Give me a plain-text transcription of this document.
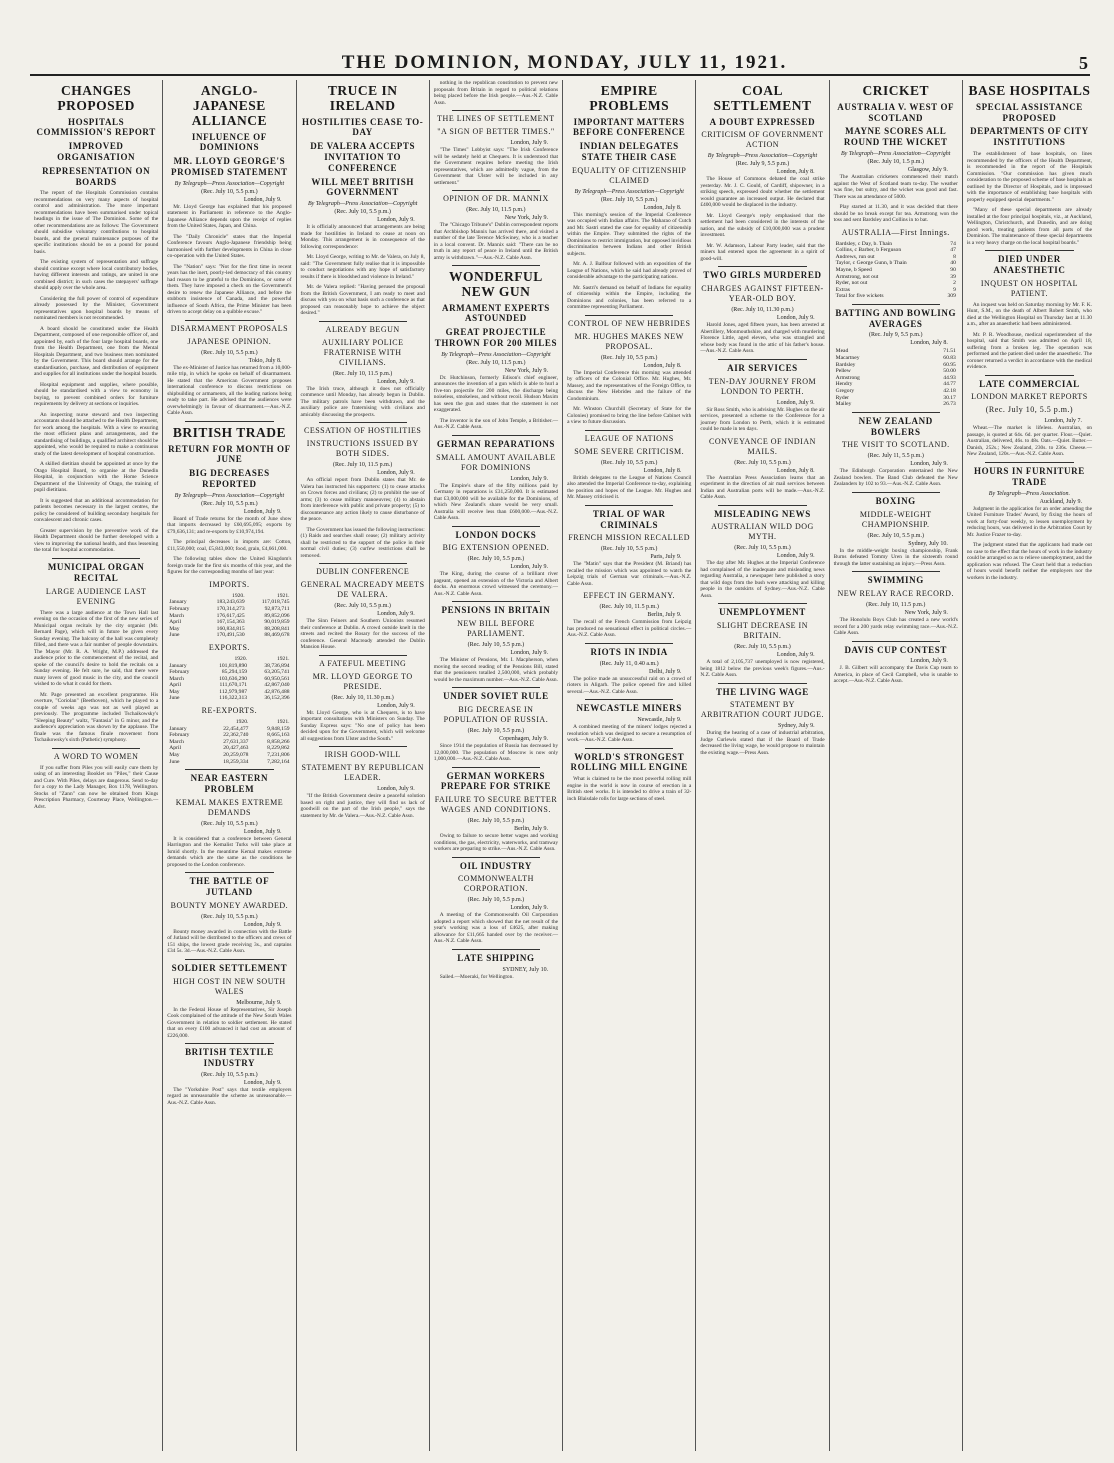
THE DOMINION, MONDAY, JULY 11, 1921.	5
CHANGES PROPOSED
HOSPITALS COMMISSION'S REPORT
IMPROVED ORGANISATION
REPRESENTATION ON BOARDS
The report of the Hospitals Commission contains recommendations on very many aspects of hospital control and administration. The more important recommendations have been summarised under topical headings in the issue of The Dominion. Some of the other recommendations are as follows: The Government should subsidise voluntary contributions to hospital boards, and the general maintenance purposes of the specific institutions should be on a pound for pound basis.
The existing system of representation and suffrage should continue except where local contributory bodies, having different interests and ratings, are united in one combined district; in such cases the ratepayers' suffrage should apply over the whole area.
Considering the full power of control of expenditure already possessed by the Minister, Government representatives upon hospital boards by means of nominated members is not recommended.
A board should be constituted under the Health Department, composed of one responsible officer of, and appointed by, each of the four large hospital boards, one from the Health Department, one from the Mental Hospitals Department, and two business men nominated by the Government. This board should arrange for the standardisation, purchase, and distribution of equipment and supplies for all institutions under the hospital boards.
Hospital equipment and supplies, where possible, should be standardised with a view to economy in buying, to prevent combined orders for furniture requirements by delivery at sections or inquiries.
An inspecting nurse steward and two inspecting accountants should be attached to the Health Department, for work among the hospitals. With a view to ensuring the most efficient plans and arrangements, and the standardising of buildings, a qualified architect should be appointed, who would be required to make a continuous study of the latest development of hospital construction.
A skilled dietitian should be appointed at once by the Otago Hospital Board, to organise at the Dunedin Hospital, in conjunction with the Home Science Department of the University of Otago, the training of pupil dietitians.
It is suggested that an additional accommodation for patients becomes necessary in the largest centres, the policy be considered of building secondary hospitals for convalescent and chronic cases.
Greater supervision by the preventive work of the Health Department should be further developed with a view to improving the national health, and thus lessening the total for hospital accommodation.
MUNICIPAL ORGAN RECITAL
LARGE AUDIENCE LAST EVENING
There was a large audience at the Town Hall last evening on the occasion of the first of the new series of Municipal organ recitals by the city organist (Mr. Bernard Page), which will in future be given every Sunday evening. The balcony of the hall was completely filled, and there was a fair number of people downstairs. The Mayor (Mr. R. A. Wright, M.P.) addressed the audience prior to the commencement of the recital, and spoke of the council's desire to hold the recitals on a Sunday evening. He felt sure, he said, that there were many lovers of good music in the city, and the council wished to do what it could for them.
Mr. Page presented an excellent programme. His overture, "Coriolan" (Beethoven), which he played to a couple of weeks ago was not as well played as previously. The programme included Tschaikowsky's "Sleeping Beauty" waltz, "Fantasia" in G minor, and the audience's appreciation was shown by the applause. The finale was the famous finale movement from Tschaikowsky's sixth (Pathetic) symphony.
A WORD TO WOMEN
If you suffer from Piles you will easily cure them by using of an interesting Booklet on "Piles," their Cause and Cure. With Piles, delays are dangerous. Send to-day for a copy to the Lady Manager, Box 1178, Wellington. Stocks of "Zann" can now be obtained from Kings Prescription Pharmacy, Courtenay Place, Wellington.—Advt.
ANGLO-JAPANESE ALLIANCE
INFLUENCE OF DOMINIONS
MR. LLOYD GEORGE'S PROMISED STATEMENT
By Telegraph—Press Association—Copyright
(Rec. July 10, 5.5 p.m.)
London, July 9.
Mr. Lloyd George has explained that his proposed statement in Parliament in reference to the Anglo-Japanese Alliance depends upon the receipt of replies from the United States, Japan, and China.
The "Daily Chronicle" states that the Imperial Conference favours Anglo-Japanese friendship being harmonised with further developments in China in close co-operation with the United States.
The "Nation" says: "Not for the first time in recent years has the inert, poorly-led democracy of this country had reason to be grateful to the Dominions, or some of them. They have imposed a check on the Government's desire to renew the Japanese Alliance, and before the stubborn insistence of Canada, and the powerful influence of South Africa, the Prime Minister has been driven to accept delay on a quibble excuse."
DISARMAMENT PROPOSALS
JAPANESE OPINION.
(Rec. July 10, 5.5 p.m.)
Tokio, July 8.
The ex-Minister of Justice has returned from a 10,000-mile trip, in which he spoke on behalf of disarmament. He stated that the American Government proposes international conference to discuss restrictions on shipbuilding or armaments, all the leading nations being ready to take part. He advised that the audiences were overwhelmingly in favour of disarmament.—Aus.-N.Z. Cable Assn.
BRITISH TRADE
RETURN FOR MONTH OF JUNE
BIG DECREASES REPORTED
By Telegraph—Press Association—Copyright
(Rec. July 10, 5.5 p.m.)
London, July 9.
Board of Trade returns for the month of June show that imports decreased by £60,695,095; exports by £79,636,131; and re-exports by £10,974,194.
The principal decreases in imports are: Cotton, £11,550,000; coal, £5,843,000; food, grain, £4,661,000.
The following tables show the United Kingdom's foreign trade for the first six months of this year, and the figures for the corresponding months of last year:
IMPORTS.
	1920.	1921.
January	183,243,639	117,018,745
February	170,314,273	92,873,711
March	176,617,425	89,852,096
April	167,154,363	90,019,859
May	160,834,815	88,208,841
June	170,491,530	88,469,678
EXPORTS.
	1920.	1921.
January	101,819,890	38,736,894
February	85,294,159	63,205,741
March	103,636,290	60,950,561
April	111,670,171	42,867,040
May	112,979,987	42,876,488
June	116,322,313	36,152,396
RE-EXPORTS.
	1920.	1921.
January	22,454,477	9,848,159
February	22,362,740	8,665,163
March	27,631,337	8,858,266
April	20,427,463	8,229,862
May	20,259,078	7,231,806
June	18,259,334	7,282,164
NEAR EASTERN PROBLEM
KEMAL MAKES EXTREME DEMANDS
(Rec. July 10, 5.5 p.m.)
London, July 9.
It is considered that a conference between General Harrington and the Kemalist Turks will take place at Ismid shortly. In the meantime Kemal makes extreme demands which are the same as the conditions he proposed to the London conference.
THE BATTLE OF JUTLAND
BOUNTY MONEY AWARDED.
(Rec. July 10, 5.5 p.m.)
London, July 9.
Bounty money awarded in connection with the Battle of Jutland will be distributed to the officers and crews of 151 ships, the lowest grade receiving 3s., and captains £34 5s. 3d.—Aus.-N.Z. Cable Assn.
SOLDIER SETTLEMENT
HIGH COST IN NEW SOUTH WALES
Melbourne, July 9.
In the Federal House of Representatives, Sir Joseph Cook complained of the attitude of the New South Wales Government in relation to soldier settlement. He stated that on every £100 advanced it had cost an amount of £226,000.
BRITISH TEXTILE INDUSTRY
(Rec. July 10, 5.5 p.m.)
London, July 9.
The "Yorkshire Post" says that textile employers regard as unreasonable the scheme as unreasonable.—Aus.-N.Z. Cable Assn.
TRUCE IN IRELAND
HOSTILITIES CEASE TO-DAY
DE VALERA ACCEPTS INVITATION TO CONFERENCE
WILL MEET BRITISH GOVERNMENT
By Telegraph—Press Association—Copyright
(Rec. July 10, 5.5 p.m.)
London, July 9.
It is officially announced that arrangements are being made for hostilities in Ireland to cease at noon on Monday. This arrangement is in consequence of the following correspondence:
Mr. Lloyd George, writing to Mr. de Valera, on July 8, said: "The Government fully realise that it is impossible to conduct negotiations with any hope of satisfactory results if there is bloodshed and violence in Ireland."
Mr. de Valera replied: "Having perused the proposal from the British Government, I am ready to meet and discuss with you on what basis such a conference as that proposed can reasonably hope to achieve the object desired."
ALREADY BEGUN
AUXILIARY POLICE FRATERNISE WITH CIVILIANS.
(Rec. July 10, 11.5 p.m.)
London, July 9.
The Irish truce, although it does not officially commence until Monday, has already begun in Dublin. The military patrols have been withdrawn, and the auxiliary police are fraternising with civilians and amicably discussing the prospects.
CESSATION OF HOSTILITIES
INSTRUCTIONS ISSUED BY BOTH SIDES.
(Rec. July 10, 11.5 p.m.)
London, July 9.
An official report from Dublin states that Mr. de Valera has instructed his supporters: (1) to cease attacks on Crown forces and civilians; (2) to prohibit the use of arms; (3) to cease military manoeuvres; (4) to abstain from interference with public and private property; (5) to discountenance any action likely to cause disturbance of the peace.
The Government has issued the following instructions: (1) Raids and searches shall cease; (2) military activity shall be restricted to the support of the police in their normal civil duties; (3) curfew restrictions shall be removed.
DUBLIN CONFERENCE
GENERAL MACREADY MEETS DE VALERA.
(Rec. July 10, 5.5 p.m.)
London, July 9.
The Sinn Feiners and Southern Unionists resumed their conference at Dublin. A crowd outside knelt in the streets and recited the Rosary for the success of the conference. General Macready attended the Dublin Mansion House.
A FATEFUL MEETING
MR. LLOYD GEORGE TO PRESIDE.
(Rec. July 10, 11.30 p.m.)
London, July 9.
Mr. Lloyd George, who is at Chequers, is to have important consultations with Ministers on Sunday. The Sunday Express says: "No one of policy has been decided upon for the Government, which will welcome all suggestions from Ulster and the South."
IRISH GOOD-WILL
STATEMENT BY REPUBLICAN LEADER.
London, July 9.
"If the British Government desire a peaceful solution based on right and justice, they will find us lack of goodwill on the part of the Irish people," says the statement by Mr. de Valera.—Aus.-N.Z. Cable Assn.
nothing in the republican constitution to prevent new proposals from Britain in regard to political relations being placed before the Irish people.—Aus.-N.Z. Cable Assn.
THE LINES OF SETTLEMENT
"A SIGN OF BETTER TIMES."
London, July 9.
"The Times" Lobbyist says: "The Irish Conference will be sedately held at Chequers. It is understood that the Government requires before meeting the Irish representatives, which are admittedly vague, from the Government that Ulster will be included in any settlement."
OPINION OF DR. MANNIX
(Rec. July 10, 11.5 p.m.)
New York, July 9.
The "Chicago Tribune's" Dublin correspondent reports that Archbishop Mannix has arrived there, and visited a number of the late Terence McSwiney, who is a teacher in a local convent. Dr. Mannix said: "There can be no truth in any report of peace in Ireland until the British army is withdrawn."—Aus.-N.Z. Cable Assn.
WONDERFUL NEW GUN
ARMAMENT EXPERTS ASTOUNDED
GREAT PROJECTILE THROWN FOR 200 MILES
By Telegraph—Press Association—Copyright
(Rec. July 10, 11.5 p.m.)
New York, July 9.
Dr. Hutchinson, formerly Edison's chief engineer, announces the invention of a gun which is able to hurl a five-ton projectile for 200 miles, the discharge being noiseless, smokeless, and without recoil. Hudson Maxim has seen the gun and states that the statement is not exaggerated.
The inventor is the son of John Temple, a Britisher.—Aus.-N.Z. Cable Assn.
GERMAN REPARATIONS
SMALL AMOUNT AVAILABLE FOR DOMINIONS
London, July 9.
The Empire's share of the fifty millions paid by Germany in reparations is £31,250,000. It is estimated that £3,000,000 will be available for the Dominions, of which New Zealand's share would be very small. Australia will receive less than £600,000.—Aus.-N.Z. Cable Assn.
LONDON DOCKS
BIG EXTENSION OPENED.
(Rec. July 10, 5.5 p.m.)
London, July 9.
The King, during the course of a brilliant river pageant, opened an extension of the Victoria and Albert docks. An enormous crowd witnessed the ceremony.—Aus.-N.Z. Cable Assn.
PENSIONS IN BRITAIN
NEW BILL BEFORE PARLIAMENT.
(Rec. July 10, 5.5 p.m.)
London, July 9.
The Minister of Pensions, Mr. I. Macpherson, when moving the second reading of the Pensions Bill, stated that the pensioners totalled 2,500,000, which probably would be the maximum number.—Aus.-N.Z. Cable Assn.
UNDER SOVIET RULE
BIG DECREASE IN POPULATION OF RUSSIA.
(Rec. July 10, 5.5 p.m.)
Copenhagen, July 9.
Since 1914 the population of Russia has decreased by 12,000,000. The population of Moscow is now only 1,000,000.—Aus.-N.Z. Cable Assn.
GERMAN WORKERS PREPARE FOR STRIKE
FAILURE TO SECURE BETTER WAGES AND CONDITIONS.
(Rec. July 10, 5.5 p.m.)
Berlin, July 9.
Owing to failure to secure better wages and working conditions, the gas, electricity, waterworks, and tramway workers are preparing to strike.—Aus.-N.Z. Cable Assn.
OIL INDUSTRY
COMMONWEALTH CORPORATION.
(Rec. July 10, 5.5 p.m.)
London, July 9.
A meeting of the Commonwealth Oil Corporation adopted a report which showed that the net result of the year's working was a loss of £4625, after making allowance for £11,665 handed over by the receiver.—Aus.-N.Z. Cable Assn.
LATE SHIPPING
SYDNEY, July 10.
Sailed.—Moeraki, for Wellington.
EMPIRE PROBLEMS
IMPORTANT MATTERS BEFORE CONFERENCE
INDIAN DELEGATES STATE THEIR CASE
EQUALITY OF CITIZENSHIP CLAIMED
By Telegraph—Press Association—Copyright
(Rec. July 10, 5.5 p.m.)
London, July 8.
This morning's session of the Imperial Conference was occupied with Indian affairs. The Maharao of Cutch and Mr. Sastri stated the case for equality of citizenship within the Empire. They submitted the rights of the Dominions to restrict immigration, but opposed invidious discrimination between Indians and other British subjects.
Mr. A. J. Balfour followed with an exposition of the League of Nations, which he said had already proved of considerable advantage to the participating nations.
Mr. Sastri's demand on behalf of Indians for equality of citizenship within the Empire, including the Dominions and colonies, has been referred to a committee representing Parliament.
CONTROL OF NEW HEBRIDES
MR. HUGHES MAKES NEW PROPOSAL.
(Rec. July 10, 5.5 p.m.)
London, July 8.
The Imperial Conference this morning was attended by officers of the Colonial Office. Mr. Hughes, Mr. Massey, and the representatives of the Foreign Office, to discuss the New Hebrides and the failure of the Condominium.
Mr. Winston Churchill (Secretary of State for the Colonies) promised to bring the line before Cabinet with a view to future discussion.
LEAGUE OF NATIONS
SOME SEVERE CRITICISM.
(Rec. July 10, 5.5 p.m.)
London, July 8.
British delegates to the League of Nations Council also attended the Imperial Conference to-day, explaining the position and hopes of the League. Mr. Hughes and Mr. Massey criticised it.
TRIAL OF WAR CRIMINALS
FRENCH MISSION RECALLED
(Rec. July 10, 5.5 p.m.)
Paris, July 9.
The "Matin" says that the President (M. Briand) has recalled the mission which was appointed to watch the Leipzig trials of German war criminals.—Aus.-N.Z. Cable Assn.
EFFECT IN GERMANY.
(Rec. July 10, 11.5 p.m.)
Berlin, July 9.
The recall of the French Commission from Leipzig has produced no sensational effect in political circles.—Aus.-N.Z. Cable Assn.
RIOTS IN INDIA
(Rec. July 11, 0.40 a.m.)
Delhi, July 9.
The police made an unsuccessful raid on a crowd of rioters in Aligarh. The police opened fire and killed several.—Aus.-N.Z. Cable Assn.
NEWCASTLE MINERS
Newcastle, July 9.
A combined meeting of the miners' lodges rejected a resolution which was designed to secure a resumption of work.—Aus.-N.Z. Cable Assn.
WORLD'S STRONGEST ROLLING MILL ENGINE
What is claimed to be the most powerful rolling mill engine in the world is now in course of erection in a British steel works. It is intended to drive a train of 32-inch Blaisdale rolls for large sections of steel.
COAL SETTLEMENT
A DOUBT EXPRESSED
CRITICISM OF GOVERNMENT ACTION
By Telegraph—Press Association—Copyright
(Rec. July 9, 5.5 p.m.)
London, July 8.
The House of Commons debated the coal strike yesterday. Mr. J. C. Gould, of Cardiff, shipowner, in a striking speech, expressed doubt whether the settlement would guarantee an increased output. He declared that £400,000 would be displaced in the industry.
Mr. Lloyd George's reply emphasised that the settlement had been considered in the interests of the nation, and the subsidy of £10,000,000 was a prudent investment.
Mr. W. Adamson, Labour Party leader, said that the miners had entered upon the agreement in a spirit of good-will.
TWO GIRLS MURDERED
CHARGES AGAINST FIFTEEN-YEAR-OLD BOY.
(Rec. July 10, 11.30 p.m.)
London, July 9.
Harold Jones, aged fifteen years, has been arrested at Abertillery, Monmouthshire, and charged with murdering Florence Little, aged eleven, who was strangled and whose body was found in the attic of his father's house.—Aus.-N.Z. Cable Assn.
AIR SERVICES
TEN-DAY JOURNEY FROM LONDON TO PERTH.
London, July 9.
Sir Ross Smith, who is advising Mr. Hughes on the air services, presented a scheme to the Conference for a journey from London to Perth, which it is estimated could be made in ten days.
CONVEYANCE OF INDIAN MAILS.
(Rec. July 10, 5.5 p.m.)
London, July 8.
The Australian Press Association learns that an experiment in the direction of air mail services between Indian and Australian ports will be made.—Aus.-N.Z. Cable Assn.
MISLEADING NEWS
AUSTRALIAN WILD DOG MYTH.
(Rec. July 10, 5.5 p.m.)
London, July 9.
The day after Mr. Hughes at the Imperial Conference had complained of the inadequate and misleading news regarding Australia, a newspaper here published a story that wild dogs from the bush were attacking and killing people in the outskirts of Sydney.—Aus.-N.Z. Cable Assn.
UNEMPLOYMENT
SLIGHT DECREASE IN BRITAIN.
(Rec. July 10, 5.5 p.m.)
London, July 9.
A total of 2,105,737 unemployed is now registered, being 1812 below the previous week's figures.—Aus.-N.Z. Cable Assn.
THE LIVING WAGE
STATEMENT BY ARBITRATION COURT JUDGE.
Sydney, July 9.
During the hearing of a case of industrial arbitration, Judge Curlewis stated that if the Board of Trade decreased the living wage, he would propose to maintain the existing wage.—Press Assn.
CRICKET
AUSTRALIA V. WEST OF SCOTLAND
MAYNE SCORES ALL ROUND THE WICKET
By Telegraph—Press Association—Copyright
(Rec. July 10, 1.5 p.m.)
Glasgow, July 9.
The Australian cricketers commenced their match against the West of Scotland team to-day. The weather was fine, but sultry, and the wicket was good and fast. There was an attendance of 5000.
Play started at 11.30, and it was decided that there should be no break except for tea. Armstrong won the toss and sent Bardsley and Collins in to bat.
AUSTRALIA—First Innings.
Bardsley, c Day, b. Thain		74
Collins, c Barber, b Ferguson		47
Andrews, run out		8
Taylor, c George Gunn, b Thain		40
Mayne, b Speed		90
Armstrong, not out		39
Ryder, not out		2
Extras		9
Total for five wickets		309
BATTING AND BOWLING AVERAGES
(Rec. July 9, 5.5 p.m.)
London, July 8.
Mead		71.51
Macartney		60.83
Bardsley		60.95
Pellew		50.00
Armstrong		44.93
Hendry		44.77
Gregory		42.18
Ryder		30.17
Mailey		26.73
NEW ZEALAND BOWLERS
THE VISIT TO SCOTLAND.
(Rec. July 11, 5.5 p.m.)
London, July 9.
The Edinburgh Corporation entertained the New Zealand bowlers. The Band Club defeated the New Zealanders by 102 to 93.—Aus.-N.Z. Cable Assn.
BOXING
MIDDLE-WEIGHT CHAMPIONSHIP.
(Rec. July 10, 5.5 p.m.)
Sydney, July 10.
In the middle-weight boxing championship, Frank Burns defeated Tommy Uren in the sixteenth round through the latter sustaining an injury.—Press Assn.
SWIMMING
NEW RELAY RACE RECORD.
(Rec. July 10, 11.5 p.m.)
New York, July 9.
The Honolulu Boys Club has created a new world's record for a 200 yards relay swimming race.—Aus.-N.Z. Cable Assn.
DAVIS CUP CONTEST
London, July 9.
J. B. Gilbert will accompany the Davis Cup team to America, in place of Cecil Campbell, who is unable to accept.—Aus.-N.Z. Cable Assn.
BASE HOSPITALS
SPECIAL ASSISTANCE PROPOSED
DEPARTMENTS OF CITY INSTITUTIONS
The establishment of base hospitals, on lines recommended by the officers of the Health Department, is recommended in the report of the Hospitals Commission. "Our commission has given much consideration to the proposed scheme of base hospitals as outlined by the Director of Hospitals, and is impressed with the importance of establishing base hospitals with properly equipped special departments."
"Many of these special departments are already installed at the four principal hospitals, viz., at Auckland, Wellington, Christchurch, and Dunedin, and are doing good work, treating patients from all parts of the Dominion. The maintenance of these special departments is a very heavy charge on the local hospital boards."
DIED UNDER ANAESTHETIC
INQUEST ON HOSPITAL PATIENT.
An inquest was held on Saturday morning by Mr. F. K. Hunt, S.M., on the death of Albert Robert Smith, who died at the Wellington Hospital on Thursday last at 11.30 a.m., after an anaesthetic had been administered.
Mr. P. R. Woodhouse, medical superintendent of the hospital, said that Smith was admitted on April 18, suffering from a broken leg. The operation was performed and the patient died under the anaesthetic. The coroner returned a verdict in accordance with the medical evidence.
LATE COMMERCIAL
LONDON MARKET REPORTS
(Rec. July 10, 5.5 p.m.)
London, July 7.
Wheat.—The market is lifeless. Australian, on passage, is quoted at 64s. 6d. per quarter. Flour.—Quiet. Australian, delivered, 46s. to 48s. Oats.—Quiet. Butter.—Danish, 252s.; New Zealand, 230s. to 236s. Cheese.—New Zealand, 120s.—Aus.-N.Z. Cable Assn.
HOURS IN FURNITURE TRADE
By Telegraph—Press Association.
Auckland, July 9.
Judgment in the application for an order amending the United Furniture Trades' Award, by fixing the hours of work at forty-four weekly, to lessen unemployment by reducing hours, was delivered in the Arbitration Court by Mr. Justice Frazer to-day.
The judgment stated that the applicants had made out no case to the effect that the hours of work in the industry could be arranged so as to relieve unemployment, and the application was refused. The Court held that a reduction of hours would benefit neither the employers nor the workers in the industry.
